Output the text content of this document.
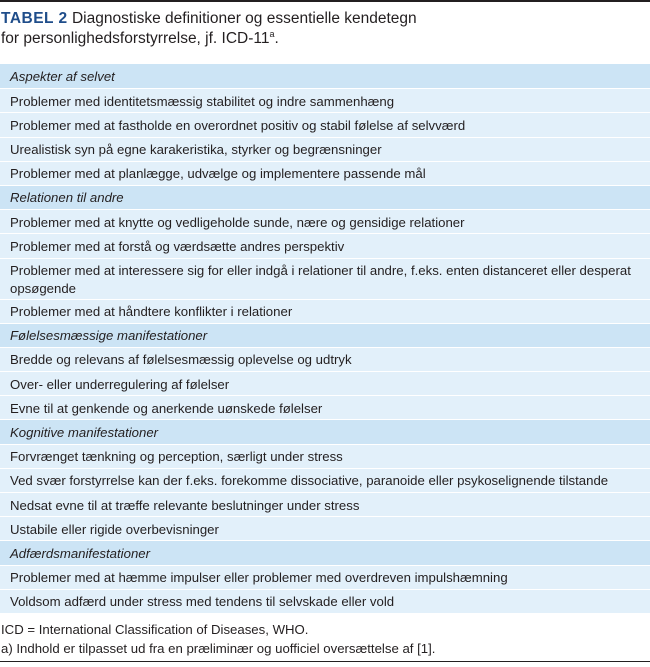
TABEL 2 Diagnostiske definitioner og essentielle kendetegn
for personlighedsforstyrrelse, jf. ICD-11$^a$.
Aspekter af selvet
Problemer med identitetsmæssig stabilitet og indre sammenhæng
Problemer med at fastholde en overordnet positiv og stabil følelse af selvværd
Urealistisk syn på egne karakeristika, styrker og begrænsninger
Problemer med at planlægge, udvælge og implementere passende mål
Relationen til andre
Problemer med at knytte og vedligeholde sunde, nære og gensidige relationer
Problemer med at forstå og værdsætte andres perspektiv
Problemer med at interessere sig for eller indgå i relationer til andre, f.eks. enten distanceret eller desperat opsøgende
Problemer med at håndtere konflikter i relationer
Følelsesmæssige manifestationer
Bredde og relevans af følelsesmæssig oplevelse og udtryk
Over- eller underregulering af følelser
Evne til at genkende og anerkende uønskede følelser
Kognitive manifestationer
Forvrænget tænkning og perception, særligt under stress
Ved svær forstyrrelse kan der f.eks. forekomme dissociative, paranoide eller psykoselignende tilstande
Nedsat evne til at træffe relevante beslutninger under stress
Ustabile eller rigide overbevisninger
Adfærdsmanifestationer
Problemer med at hæmme impulser eller problemer med overdreven impulshæmning
Voldsom adfærd under stress med tendens til selvskade eller vold
ICD = International Classification of Diseases, WHO.
a) Indhold er tilpasset ud fra en præliminær og uofficiel oversættelse af [1].
